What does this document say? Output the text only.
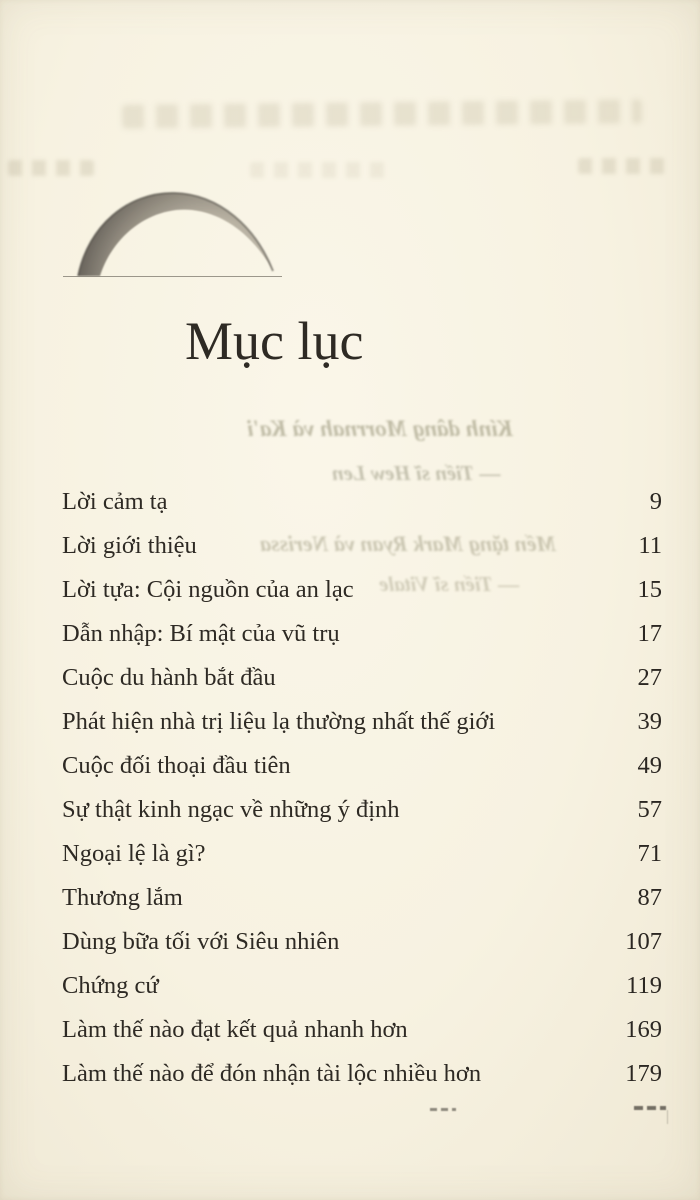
Mục lục
Kính dâng Morrnah và Ka'i
— Tiến sĩ Hew Len
Mến tặng Mark Ryan và Nerissa
— Tiến sĩ Vitale
Lời cảm tạ	9
Lời giới thiệu	11
Lời tựa: Cội nguồn của an lạc	15
Dẫn nhập: Bí mật của vũ trụ	17
Cuộc du hành bắt đầu	27
Phát hiện nhà trị liệu lạ thường nhất thế giới	39
Cuộc đối thoại đầu tiên	49
Sự thật kinh ngạc về những ý định	57
Ngoại lệ là gì?	71
Thương lắm	87
Dùng bữa tối với Siêu nhiên	107
Chứng cứ	119
Làm thế nào đạt kết quả nhanh hơn	169
Làm thế nào để đón nhận tài lộc nhiều hơn	179
